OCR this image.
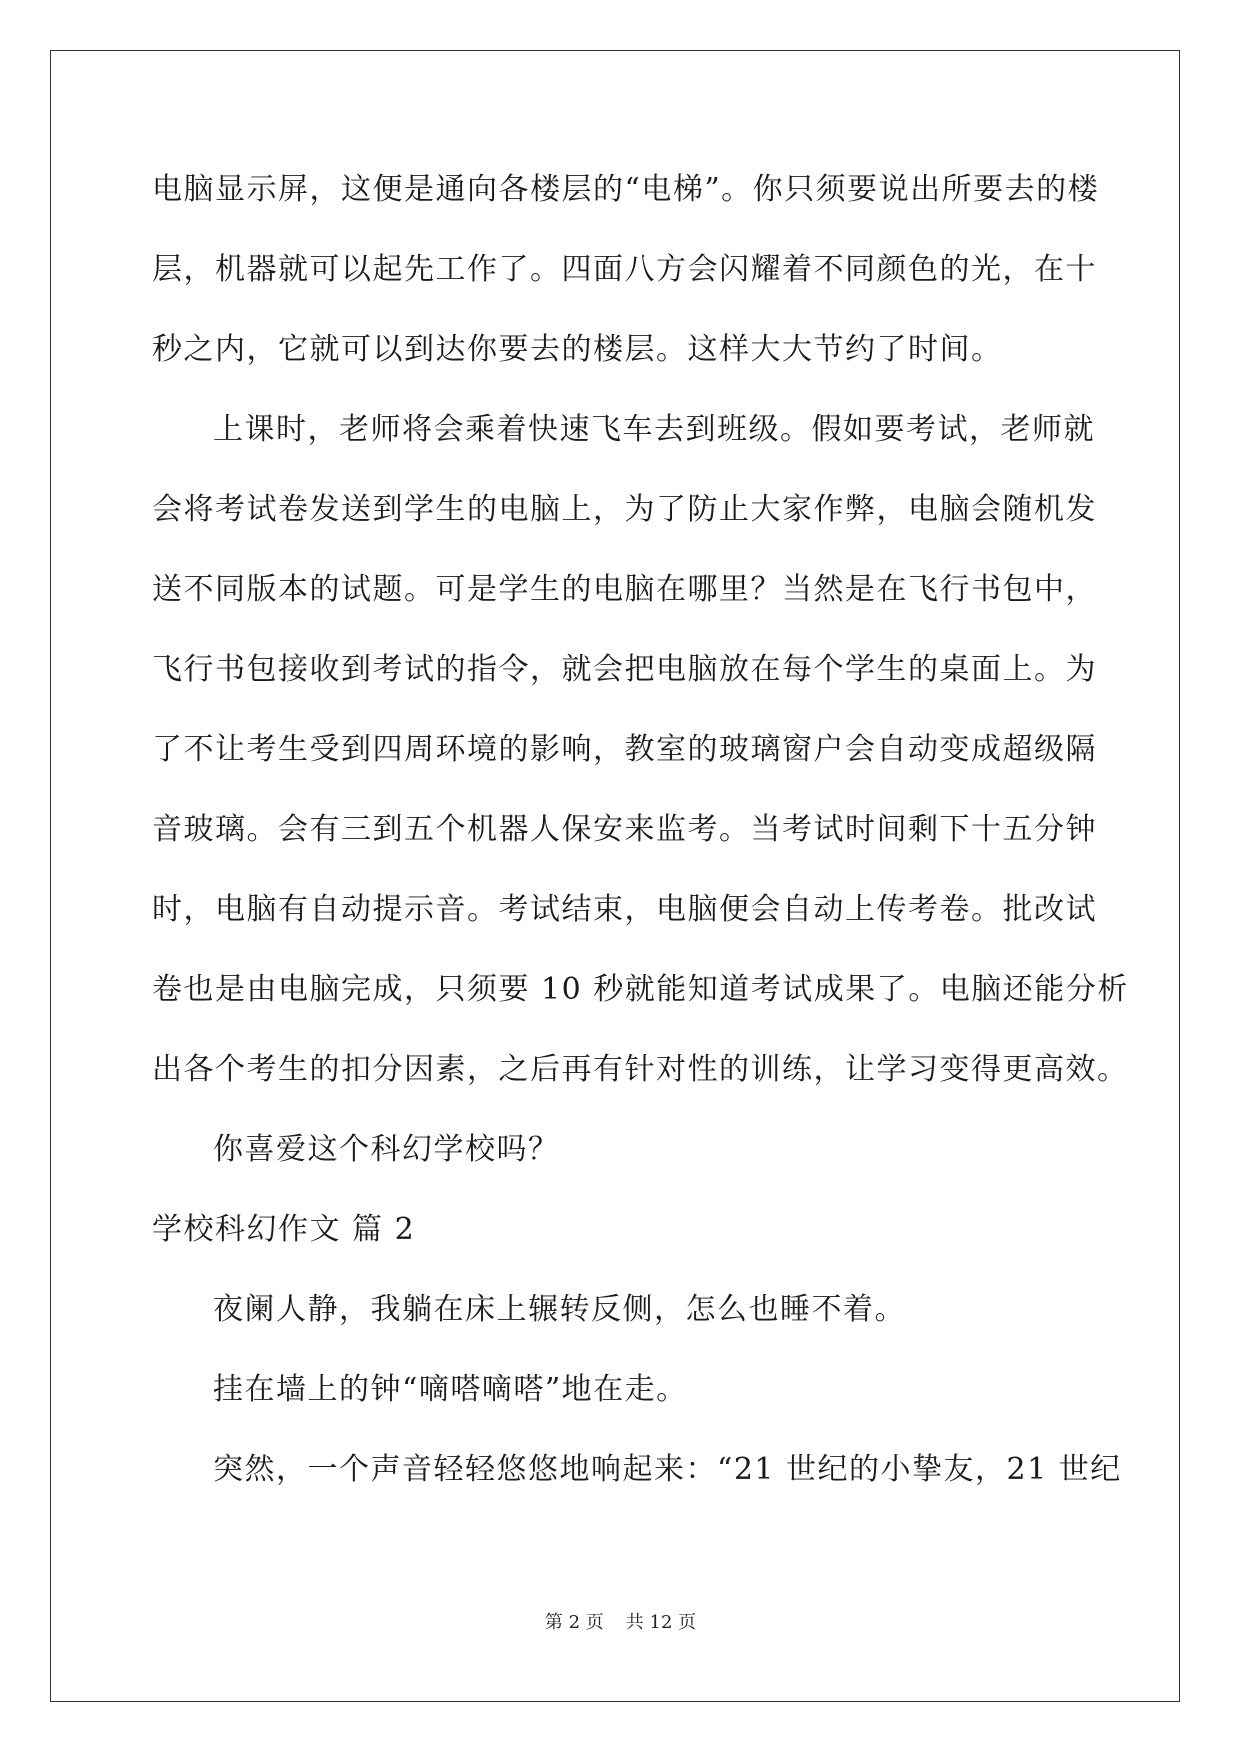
电脑显示屏，这便是通向各楼层的“电梯”。你只须要说出所要去的楼
层，机器就可以起先工作了。四面八方会闪耀着不同颜色的光，在十
秒之内，它就可以到达你要去的楼层。这样大大节约了时间。
上课时，老师将会乘着快速飞车去到班级。假如要考试，老师就
会将考试卷发送到学生的电脑上，为了防止大家作弊，电脑会随机发
送不同版本的试题。可是学生的电脑在哪里？当然是在飞行书包中，
飞行书包接收到考试的指令，就会把电脑放在每个学生的桌面上。为
了不让考生受到四周环境的影响，教室的玻璃窗户会自动变成超级隔
音玻璃。会有三到五个机器人保安来监考。当考试时间剩下十五分钟
时，电脑有自动提示音。考试结束，电脑便会自动上传考卷。批改试
卷也是由电脑完成，只须要 10 秒就能知道考试成果了。电脑还能分析
出各个考生的扣分因素，之后再有针对性的训练，让学习变得更高效。
你喜爱这个科幻学校吗？
学校科幻作文 篇 2
夜阑人静，我躺在床上辗转反侧，怎么也睡不着。
挂在墙上的钟“嘀嗒嘀嗒”地在走。
突然，一个声音轻轻悠悠地响起来：“21 世纪的小挚友，21 世纪
第 2 页 共 12 页
